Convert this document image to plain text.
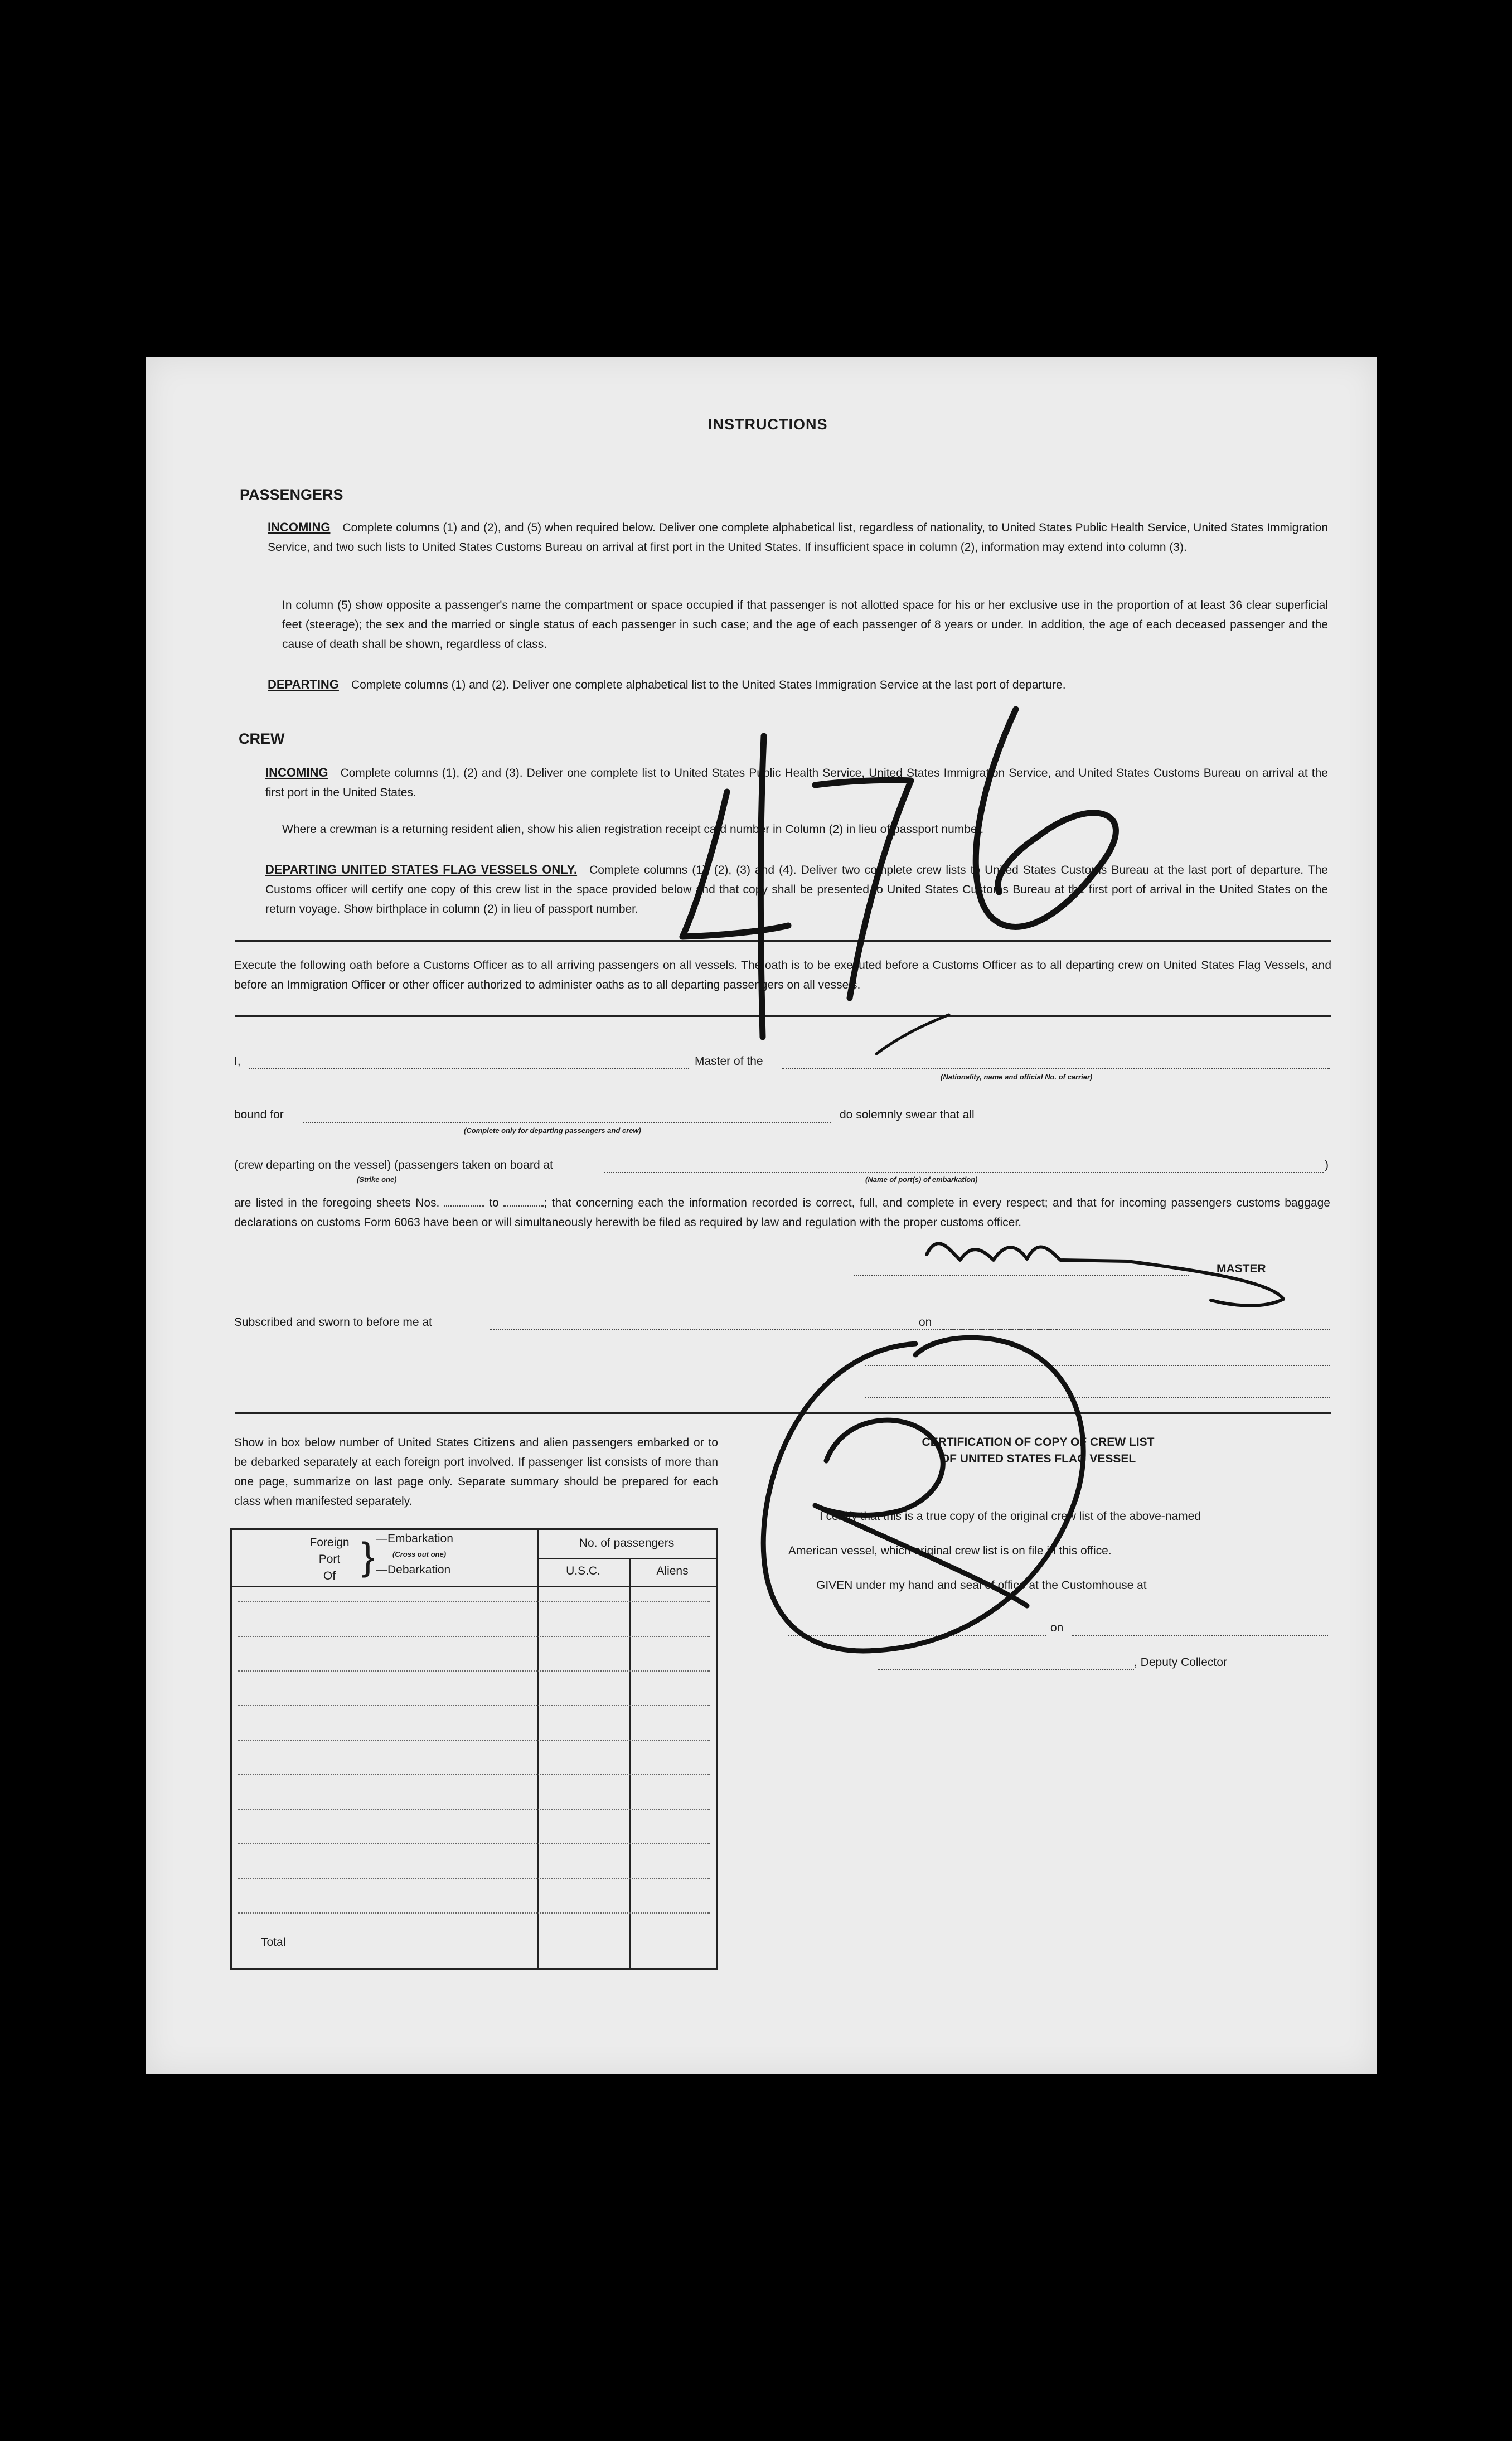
INSTRUCTIONS
PASSENGERS
INCOMING Complete columns (1) and (2), and (5) when required below. Deliver one complete alphabetical list, regardless of nationality, to United States Public Health Service, United States Immigration Service, and two such lists to United States Customs Bureau on arrival at first port in the United States. If insufficient space in column (2), information may extend into column (3).
In column (5) show opposite a passenger's name the compartment or space occupied if that passenger is not allotted space for his or her exclusive use in the proportion of at least 36 clear superficial feet (steerage); the sex and the married or single status of each passenger in such case; and the age of each passenger of 8 years or under. In addition, the age of each deceased passenger and the cause of death shall be shown, regardless of class.
DEPARTING Complete columns (1) and (2). Deliver one complete alphabetical list to the United States Immigration Service at the last port of departure.
CREW
INCOMING Complete columns (1), (2) and (3). Deliver one complete list to United States Public Health Service, United States Immigration Service, and United States Customs Bureau on arrival at the first port in the United States.
Where a crewman is a returning resident alien, show his alien registration receipt card number in Column (2) in lieu of passport number.
DEPARTING UNITED STATES FLAG VESSELS ONLY. Complete columns (1), (2), (3) and (4). Deliver two complete crew lists to United States Customs Bureau at the last port of departure. The Customs officer will certify one copy of this crew list in the space provided below and that copy shall be presented to United States Customs Bureau at the first port of arrival in the United States on the return voyage. Show birthplace in column (2) in lieu of passport number.
Execute the following oath before a Customs Officer as to all arriving passengers on all vessels. The oath is to be executed before a Customs Officer as to all departing crew on United States Flag Vessels, and before an Immigration Officer or other officer authorized to administer oaths as to all departing passengers on all vessels.
I,	Master of the
(Nationality, name and official No. of carrier)
bound for
(Complete only for departing passengers and crew)
do solemnly swear that all
(crew departing on the vessel) (passengers taken on board at	)
(Strike one)	(Name of port(s) of embarkation)
are listed in the foregoing sheets Nos.	to	; that concerning each the information recorded is correct, full, and complete in every respect; and that for incoming passengers customs baggage declarations on customs Form 6063 have been or will simultaneously herewith be filed as required by law and regulation with the proper customs officer.
MASTER
Subscribed and sworn to before me at	on
Show in box below number of United States Citizens and alien passengers embarked or to be debarked separately at each foreign port involved. If passenger list consists of more than one page, summarize on last page only. Separate summary should be prepared for each class when manifested separately.
Foreign
Port
Of } —Embarkation
(Cross out one)
—Debarkation
No. of passengers
U.S.C.	Aliens
Total
CERTIFICATION OF COPY OF CREW LIST
OF UNITED STATES FLAG VESSEL
I certify that this is a true copy of the original crew list of the above-named
American vessel, which original crew list is on file in this office.
GIVEN under my hand and seal of office at the Customhouse at
on
, Deputy Collector
